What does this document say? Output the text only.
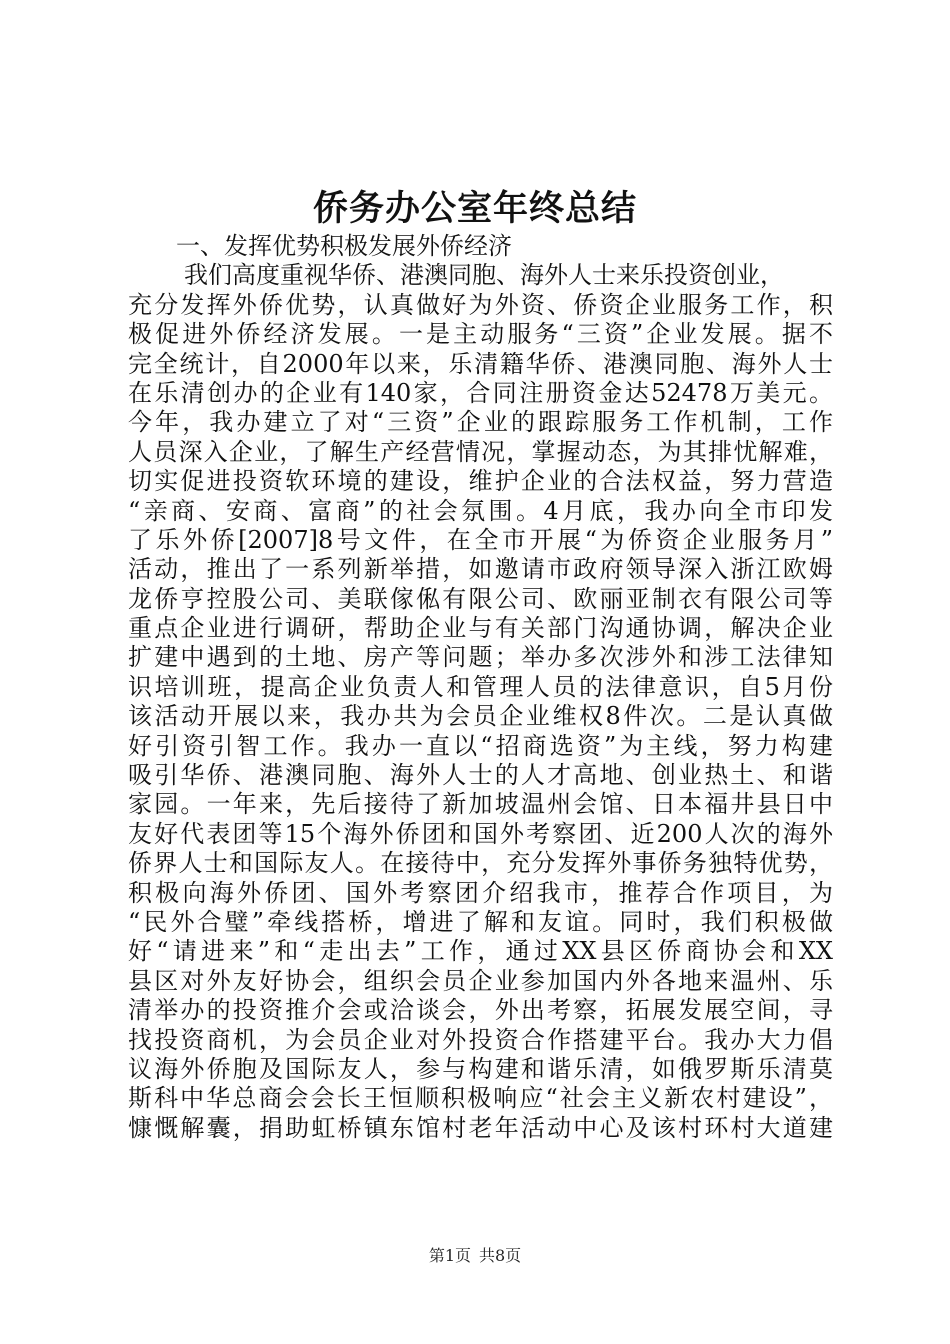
侨务办公室年终总结
一、发挥优势积极发展外侨经济
我们高度重视华侨、港澳同胞、海外人士来乐投资创业，
充分发挥外侨优势，认真做好为外资、侨资企业服务工作，积
极促进外侨经济发展。一是主动服务“三资”企业发展。据不
完全统计，自2000年以来，乐清籍华侨、港澳同胞、海外人士
在乐清创办的企业有140家，合同注册资金达52478万美元。
今年，我办建立了对“三资”企业的跟踪服务工作机制，工作
人员深入企业，了解生产经营情况，掌握动态，为其排忧解难，
切实促进投资软环境的建设，维护企业的合法权益，努力营造
“亲商、安商、富商”的社会氛围。4月底，我办向全市印发
了乐外侨[2007]8号文件，在全市开展“为侨资企业服务月”
活动，推出了一系列新举措，如邀请市政府领导深入浙江欧姆
龙侨亨控股公司、美联傢俬有限公司、欧丽亚制衣有限公司等
重点企业进行调研，帮助企业与有关部门沟通协调，解决企业
扩建中遇到的土地、房产等问题；举办多次涉外和涉工法律知
识培训班，提高企业负责人和管理人员的法律意识，自5月份
该活动开展以来，我办共为会员企业维权8件次。二是认真做
好引资引智工作。我办一直以“招商选资”为主线，努力构建
吸引华侨、港澳同胞、海外人士的人才高地、创业热土、和谐
家园。一年来，先后接待了新加坡温州会馆、日本福井县日中
友好代表团等15个海外侨团和国外考察团、近200人次的海外
侨界人士和国际友人。在接待中，充分发挥外事侨务独特优势，
积极向海外侨团、国外考察团介绍我市，推荐合作项目，为
“民外合璧”牵线搭桥，增进了解和友谊。同时，我们积极做
好“请进来”和“走出去”工作，通过XX县区侨商协会和XX
县区对外友好协会，组织会员企业参加国内外各地来温州、乐
清举办的投资推介会或洽谈会，外出考察，拓展发展空间，寻
找投资商机，为会员企业对外投资合作搭建平台。我办大力倡
议海外侨胞及国际友人，参与构建和谐乐清，如俄罗斯乐清莫
斯科中华总商会会长王恒顺积极响应“社会主义新农村建设”，
慷慨解囊，捐助虹桥镇东馆村老年活动中心及该村环村大道建
第1页 共8页
